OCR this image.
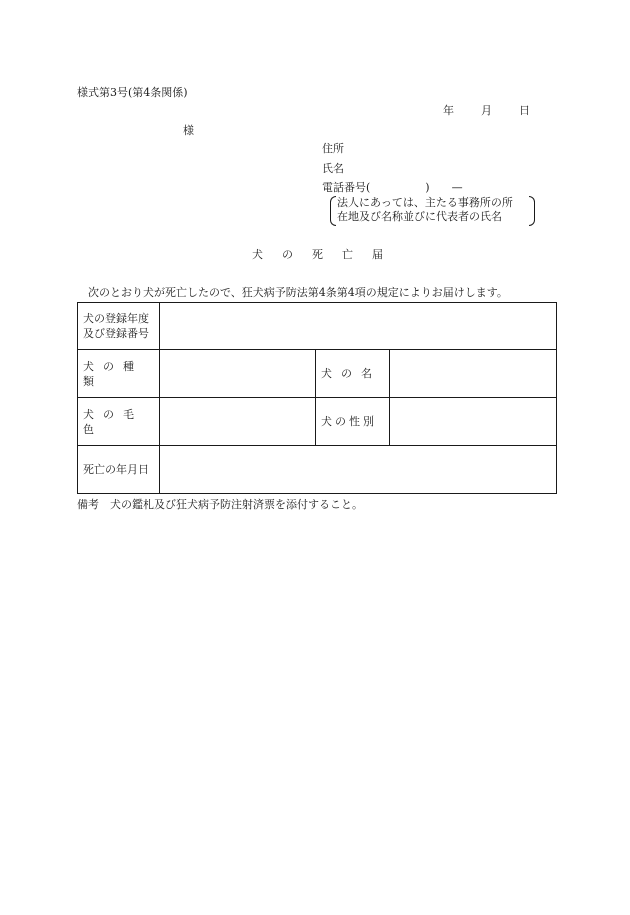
様式第3号(第4条関係)
年 月 日
様
住所
氏名
電話番号(　　　　　)　　—
法人にあっては、主たる事務所の所
在地及び名称並びに代表者の氏名
犬の死亡届
次のとおり犬が死亡したので、狂犬病予防法第4条第4項の規定によりお届けします。
犬の登録年度
及び登録番号			

犬の種類		犬の名	
犬の毛色		犬の性別	
死亡の年月日			
備考　犬の鑑札及び狂犬病予防注射済票を添付すること。
